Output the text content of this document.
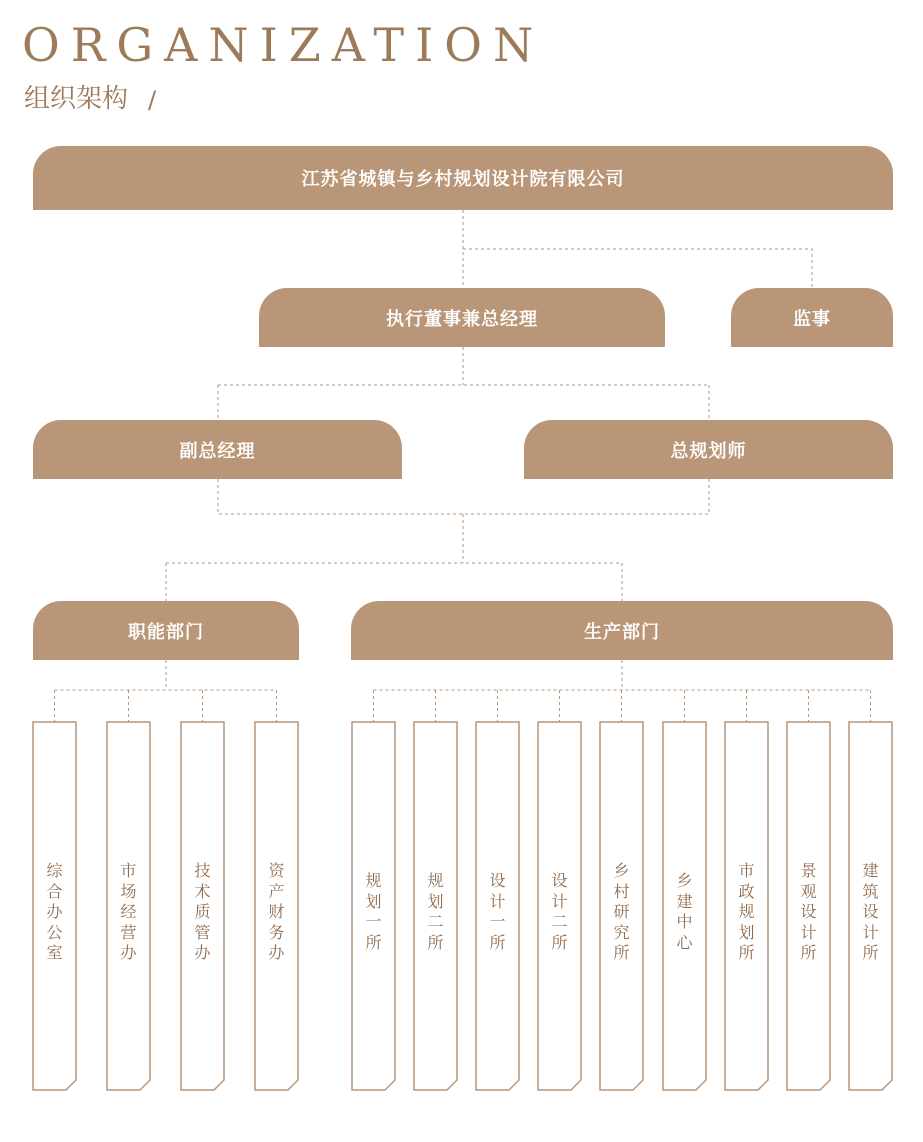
ORGANIZATION
组织架构 /
江苏省城镇与乡村规划设计院有限公司
执行董事兼总经理	监事
副总经理	总规划师
职能部门	生产部门
综
合
办
公
室
市
场
经
营
办
技
术
质
管
办
资
产
财
务
办
规
划
一
所
规
划
二
所
设
计
一
所
设
计
二
所
乡
村
研
究
所
乡
建
中
心
市
政
规
划
所
景
观
设
计
所
建
筑
设
计
所
